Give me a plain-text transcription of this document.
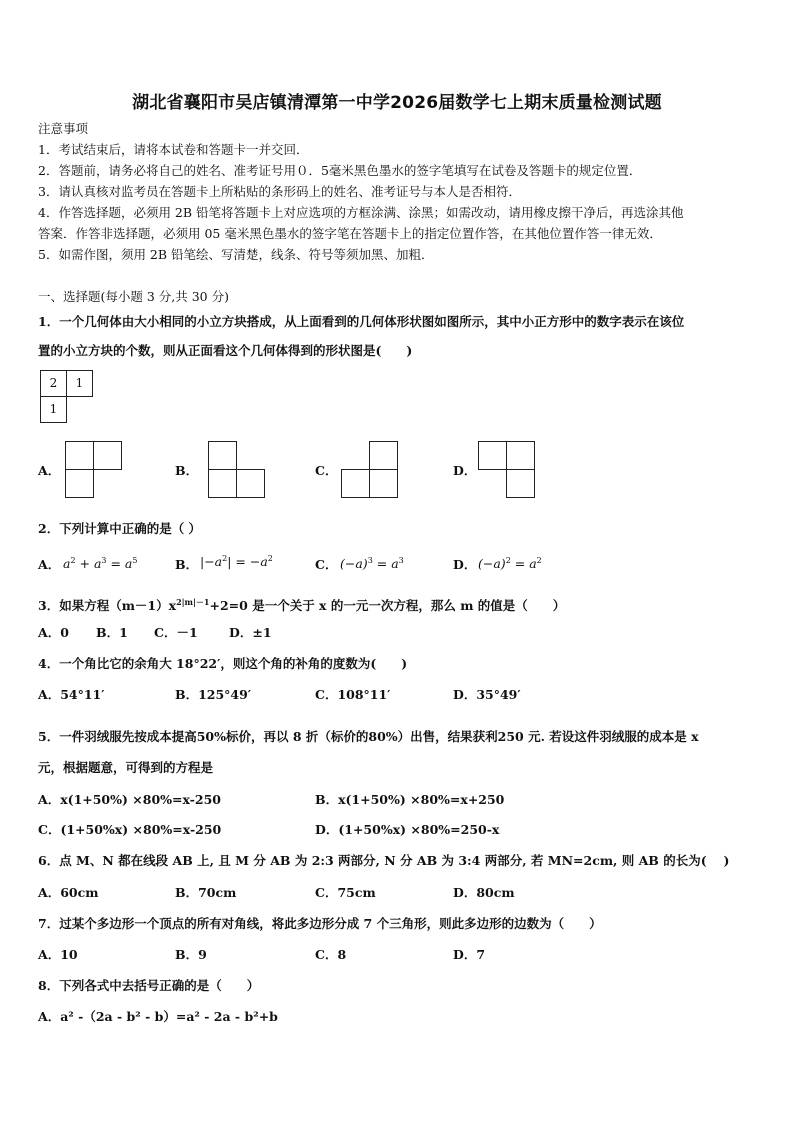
湖北省襄阳市吴店镇清潭第一中学2026届数学七上期末质量检测试题
注意事项
1．考试结束后，请将本试卷和答题卡一并交回．
2．答题前，请务必将自己的姓名、准考证号用０．5毫米黑色墨水的签字笔填写在试卷及答题卡的规定位置．
3．请认真核对监考员在答题卡上所粘贴的条形码上的姓名、准考证号与本人是否相符．
4．作答选择题，必须用 2B 铅笔将答题卡上对应选项的方框涂满、涂黑；如需改动，请用橡皮擦干净后，再选涂其他
答案．作答非选择题，必须用 05 毫米黑色墨水的签字笔在答题卡上的指定位置作答，在其他位置作答一律无效．
5．如需作图，须用 2B 铅笔绘、写清楚，线条、符号等须加黑、加粗．
一、选择题(每小题 3 分,共 30 分)
1．一个几何体由大小相同的小立方块搭成，从上面看到的几何体形状图如图所示，其中小正方形中的数字表示在该位
置的小立方块的个数，则从正面看这个几何体得到的形状图是(　　)
2	1
1
A．	B．	C．	D．
2．下列计算中正确的是（ ）
A． $a^2 + a^3 = a^5$	B． $|-a^2| = -a^2$	C． $(-a)^3 = a^3$	D． $(-a)^2 = a^2$
3．如果方程$(m-1)x^{2|m|-1}+2=0$ 是一个关于 x 的一元一次方程，那么 m 的值是（　　）
A．0 B．1 C．－1	D．±1
4．一个角比它的余角大 18°22′，则这个角的补角的度数为(　　)
A．54°11′	B．125°49′	C．108°11′	D．35°49′
5．一件羽绒服先按成本提高50%标价，再以 8 折（标价的80%）出售，结果获利250 元. 若设这件羽绒服的成本是 x
元，根据题意，可得到的方程是
A．x(1+50%) ×80%=x-250	B．x(1+50%) ×80%=x+250
C．(1+50%x) ×80%=x-250	D．(1+50%x) ×80%=250-x
6．点 M、N 都在线段 AB 上, 且 M 分 AB 为 2:3 两部分, N 分 AB 为 3:4 两部分, 若 MN=2cm, 则 AB 的长为(　 )
A．60cm	B．70cm	C．75cm	D．80cm
7．过某个多边形一个顶点的所有对角线，将此多边形分成 7 个三角形，则此多边形的边数为（　　）
A．10	B．9	C．8	D．7
8．下列各式中去括号正确的是（　　）
A．a² -（2a - b² - b）=a² - 2a - b²+b
